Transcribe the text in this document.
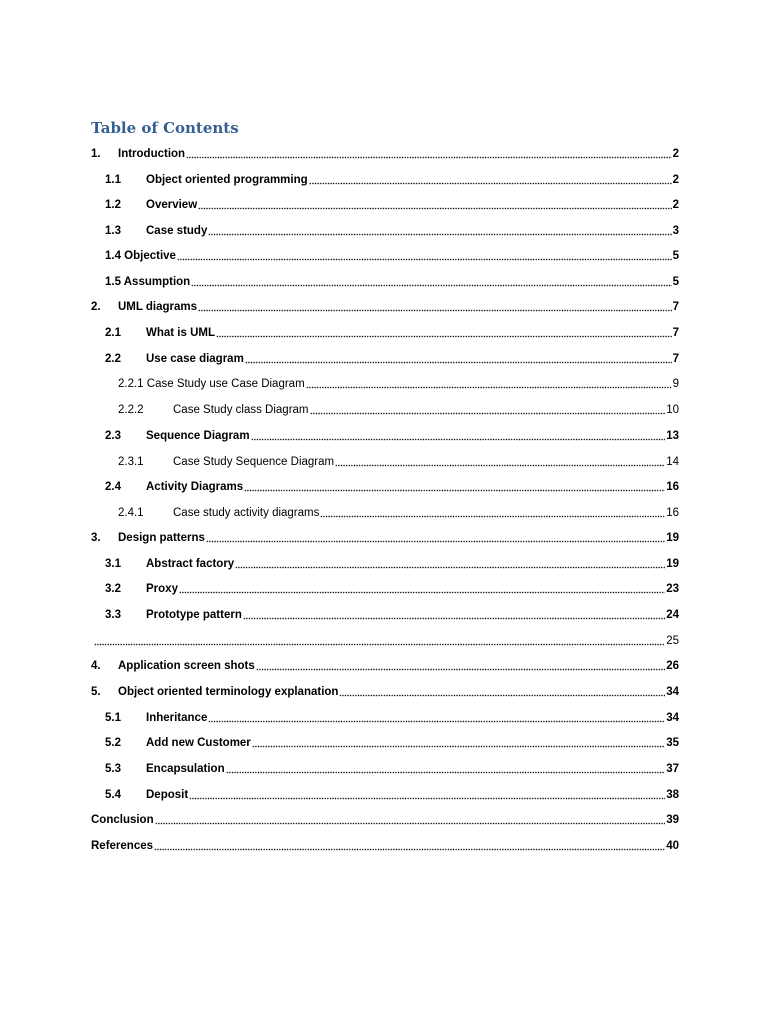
Table of Contents
1.	Introduction	2
1.1	Object oriented programming	2
1.2	Overview	2
1.3	Case study	3
1.4 Objective	5
1.5 Assumption	5
2.	UML diagrams	7
2.1	What is UML	7
2.2	Use case diagram	7
2.2.1 Case Study use Case Diagram	9
2.2.2	Case Study class Diagram	10
2.3	Sequence Diagram	13
2.3.1	Case Study Sequence Diagram	14
2.4	Activity Diagrams	16
2.4.1	Case study activity diagrams	16
3.	Design patterns	19
3.1	Abstract factory	19
3.2	Proxy	23
3.3	Prototype pattern	24
25
4.	Application screen shots	26
5.	Object oriented terminology explanation	34
5.1	Inheritance	34
5.2	Add new Customer	35
5.3	Encapsulation	37
5.4	Deposit	38
Conclusion	39
References	40
